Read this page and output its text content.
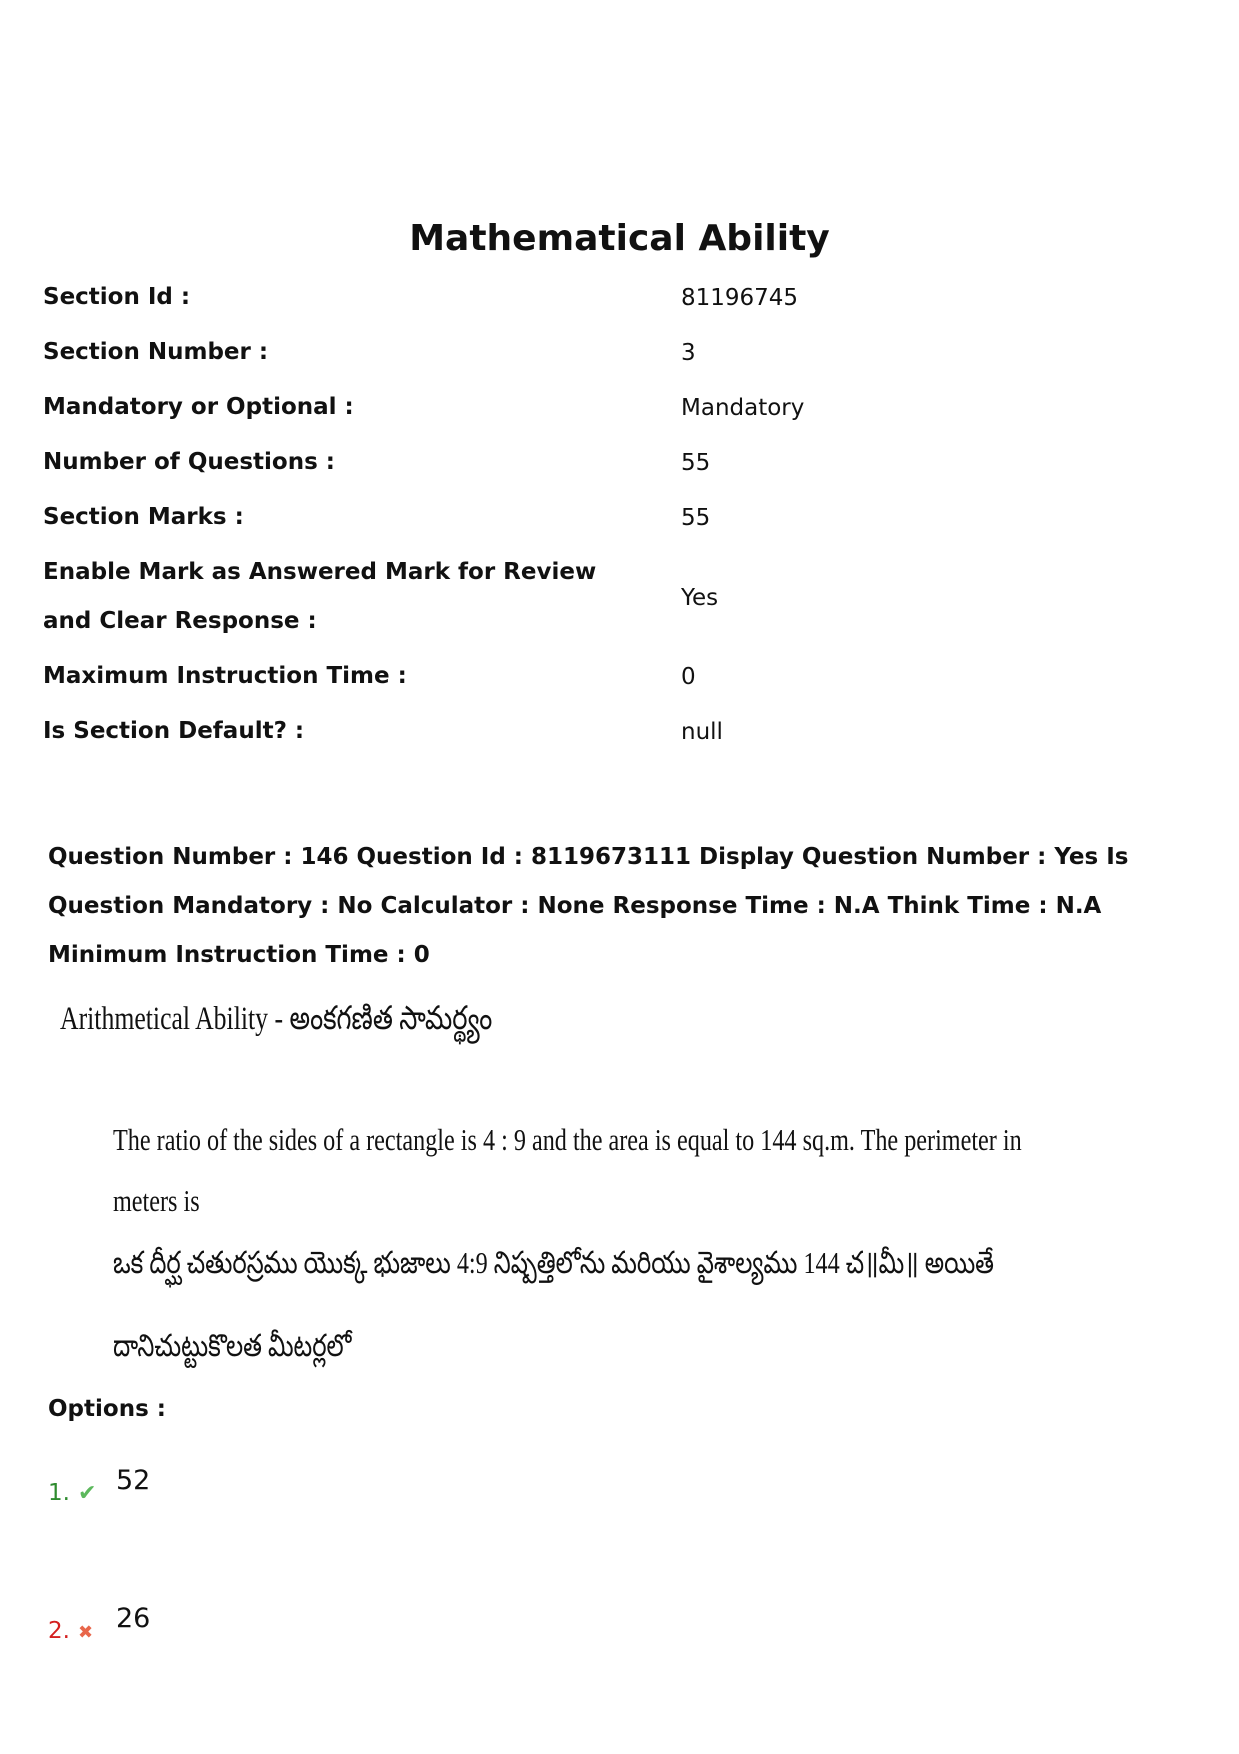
Mathematical Ability
Section Id :	81196745
Section Number :	3
Mandatory or Optional :	Mandatory
Number of Questions :	55
Section Marks :	55
Enable Mark as Answered Mark for Review and Clear Response :
Yes
Maximum Instruction Time :	0
Is Section Default? :	null
Question Number : 146 Question Id : 8119673111 Display Question Number : Yes Is Question Mandatory : No Calculator : None Response Time : N.A Think Time : N.A Minimum Instruction Time : 0
Arithmetical Ability - అంకగణిత సామర్థ్యం
The ratio of the sides of a rectangle is 4 : 9 and the area is equal to 144 sq.m. The perimeter in
meters is
ఒక దీర్ఘ చతురస్రము యొక్క భుజాలు 4:9 నిష్పత్తిలోను మరియు వైశాల్యము 144 చ॥మీ॥ అయితే
దానిచుట్టుకొలత మీటర్లలో
Options :
1. ✔ 52
2. ✖ 26
